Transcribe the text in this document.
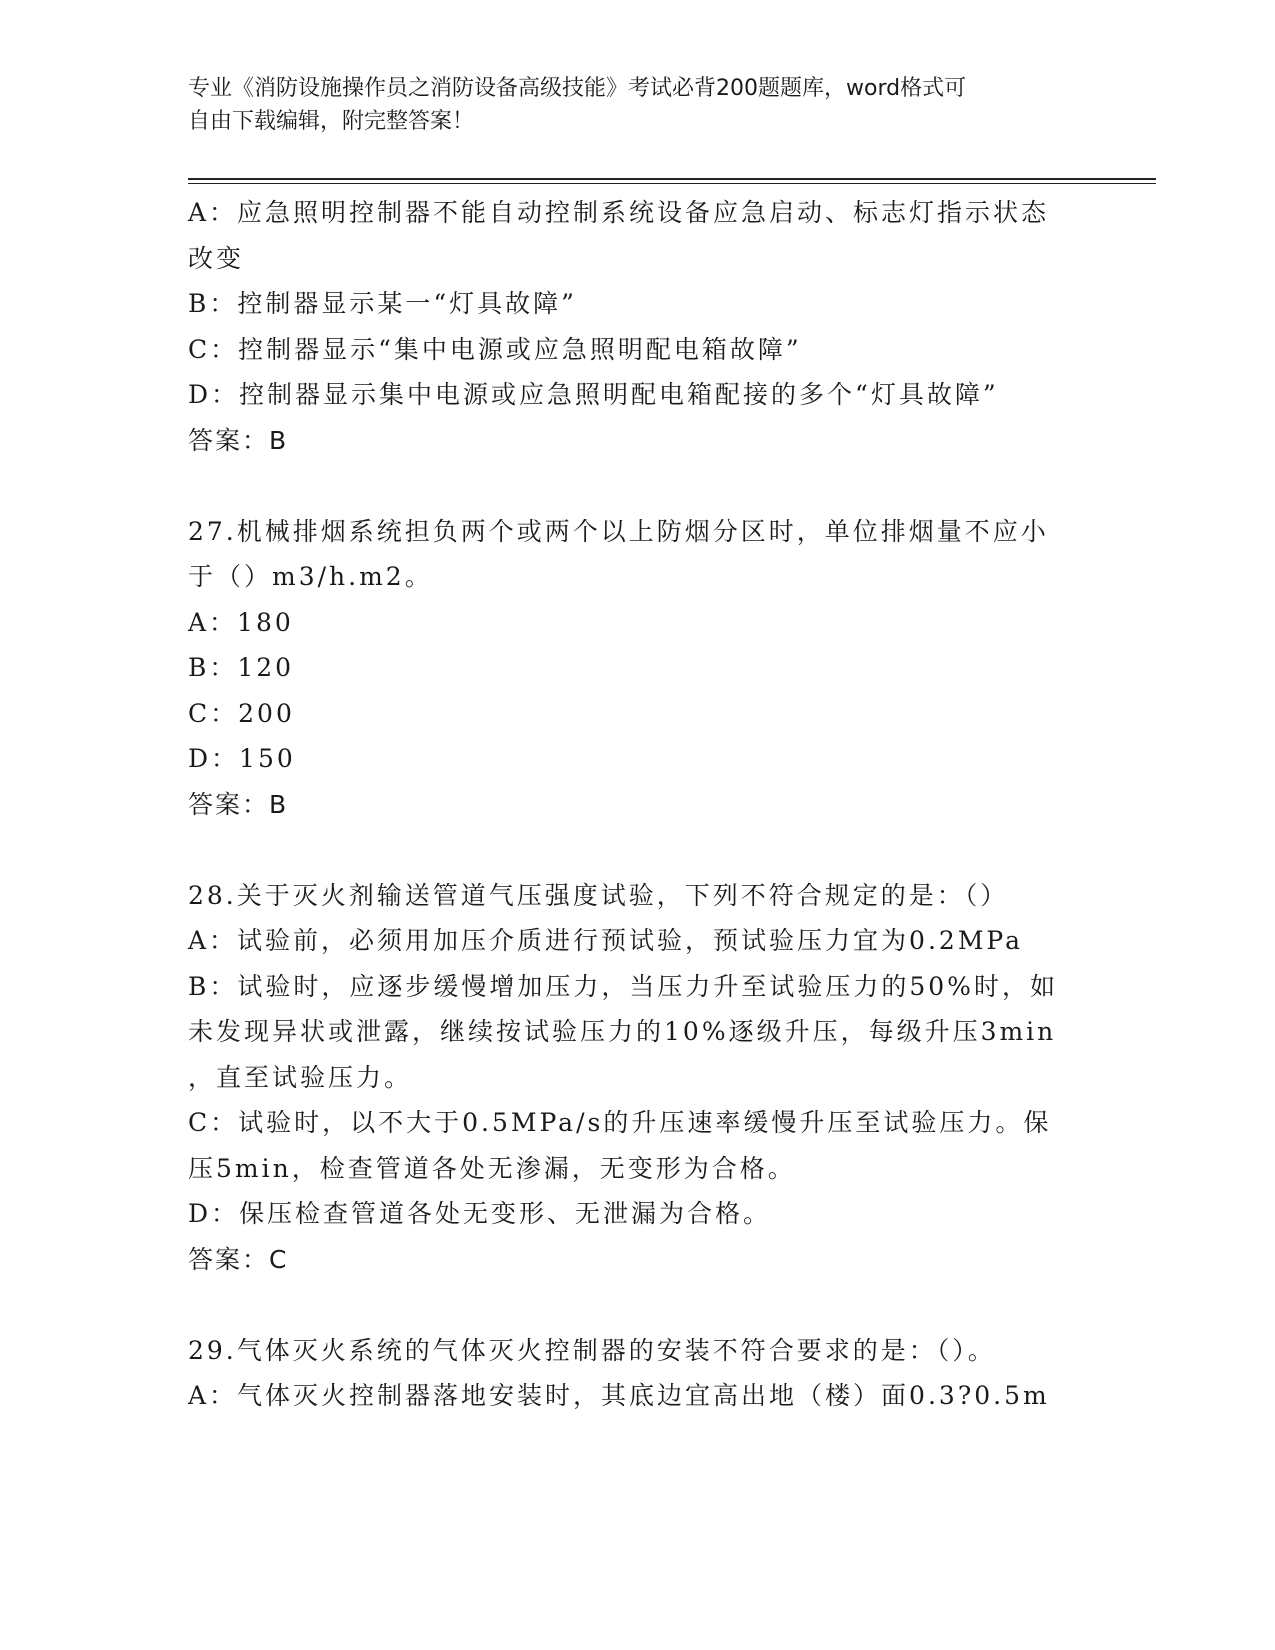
专业《消防设施操作员之消防设备高级技能》考试必背200题题库，word格式可
自由下载编辑，附完整答案！
A：应急照明控制器不能自动控制系统设备应急启动、标志灯指示状态
改变
B：控制器显示某一“灯具故障”
C：控制器显示“集中电源或应急照明配电箱故障”
D：控制器显示集中电源或应急照明配电箱配接的多个“灯具故障”
答案：B
27.机械排烟系统担负两个或两个以上防烟分区时，单位排烟量不应小
于（）m3/h.m2。
A：180
B：120
C：200
D：150
答案：B
28.关于灭火剂输送管道气压强度试验，下列不符合规定的是：（）
A：试验前，必须用加压介质进行预试验，预试验压力宜为0.2MPa
B：试验时，应逐步缓慢增加压力，当压力升至试验压力的50%时，如
未发现异状或泄露，继续按试验压力的10%逐级升压，每级升压3min
，直至试验压力。
C：试验时，以不大于0.5MPa/s的升压速率缓慢升压至试验压力。保
压5min，检查管道各处无渗漏，无变形为合格。
D：保压检查管道各处无变形、无泄漏为合格。
答案：C
29.气体灭火系统的气体灭火控制器的安装不符合要求的是：（）。
A：气体灭火控制器落地安装时，其底边宜高出地（楼）面0.3?0.5m
